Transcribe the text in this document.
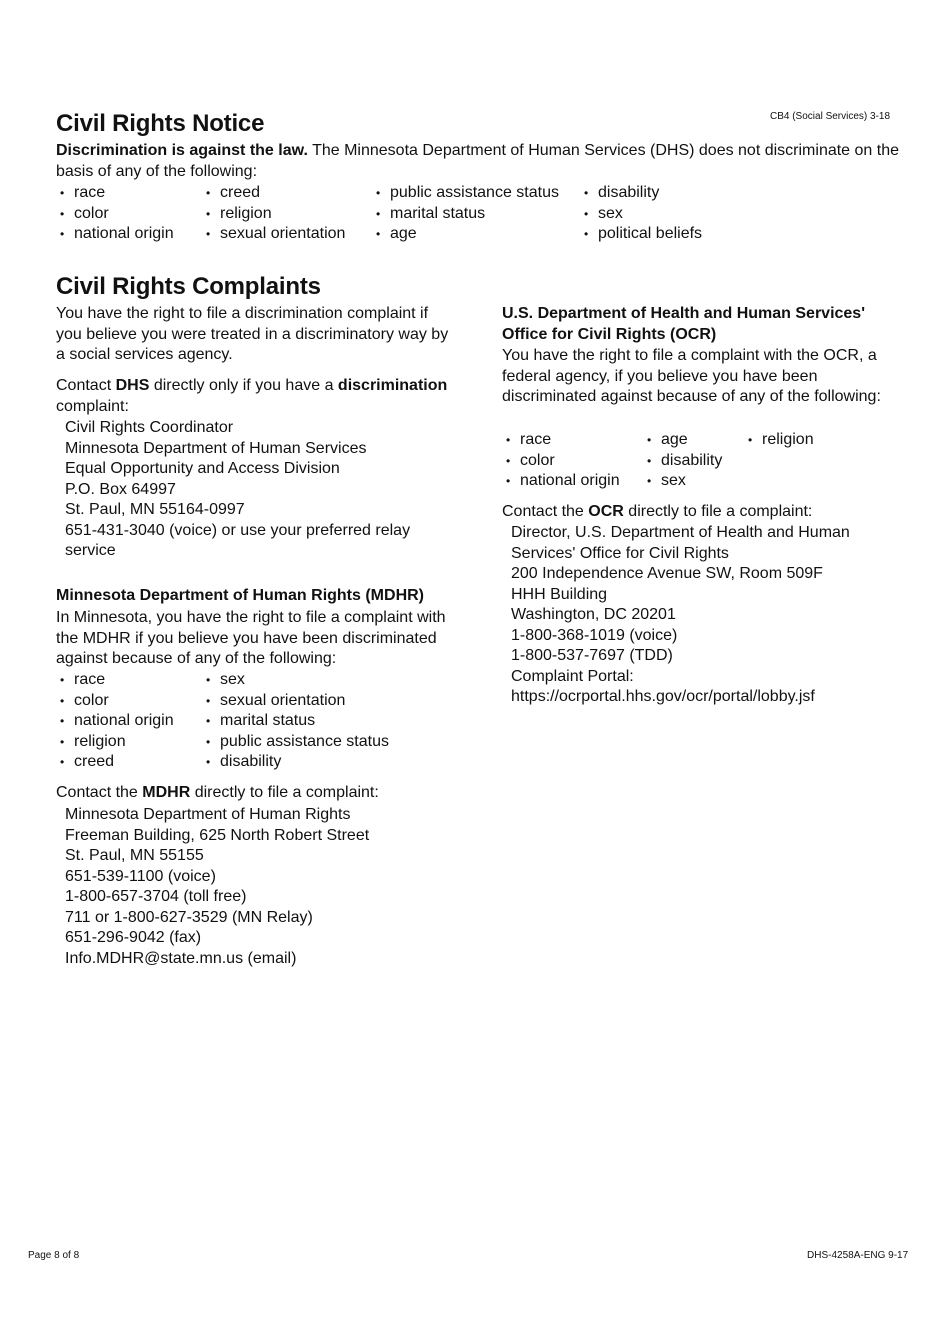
Civil Rights Notice	CB4 (Social Services) 3-18
Discrimination is against the law. The Minnesota Department of Human Services (DHS) does not discriminate on the basis of any of the following:
• race
• color
• national origin
• creed
• religion
• sexual orientation
• public assistance status
• marital status
• age
• disability
• sex
• political beliefs
Civil Rights Complaints
You have the right to file a discrimination complaint if you believe you were treated in a discriminatory way by a social services agency.
Contact DHS directly only if you have a discrimination complaint:
Civil Rights Coordinator
Minnesota Department of Human Services
Equal Opportunity and Access Division
P.O. Box 64997
St. Paul, MN 55164-0997
651-431-3040 (voice) or use your preferred relay
service
Minnesota Department of Human Rights (MDHR)
In Minnesota, you have the right to file a complaint with the MDHR if you believe you have been discriminated against because of any of the following:
• race
• color
• national origin
• religion
• creed
• sex
• sexual orientation
• marital status
• public assistance status
• disability
Contact the MDHR directly to file a complaint:
Minnesota Department of Human Rights
Freeman Building, 625 North Robert Street
St. Paul, MN 55155
651-539-1100 (voice)
1-800-657-3704 (toll free)
711 or 1-800-627-3529 (MN Relay)
651-296-9042 (fax)
Info.MDHR@state.mn.us (email)
U.S. Department of Health and Human Services'
Office for Civil Rights (OCR)
You have the right to file a complaint with the OCR, a federal agency, if you believe you have been discriminated against because of any of the following:
• race
• color
• national origin
• age
• disability
• sex
• religion
Contact the OCR directly to file a complaint:
Director, U.S. Department of Health and Human
Services' Office for Civil Rights
200 Independence Avenue SW, Room 509F
HHH Building
Washington, DC 20201
1-800-368-1019 (voice)
1-800-537-7697 (TDD)
Complaint Portal:
https://ocrportal.hhs.gov/ocr/portal/lobby.jsf
Page 8 of 8	DHS-4258A-ENG 9-17
